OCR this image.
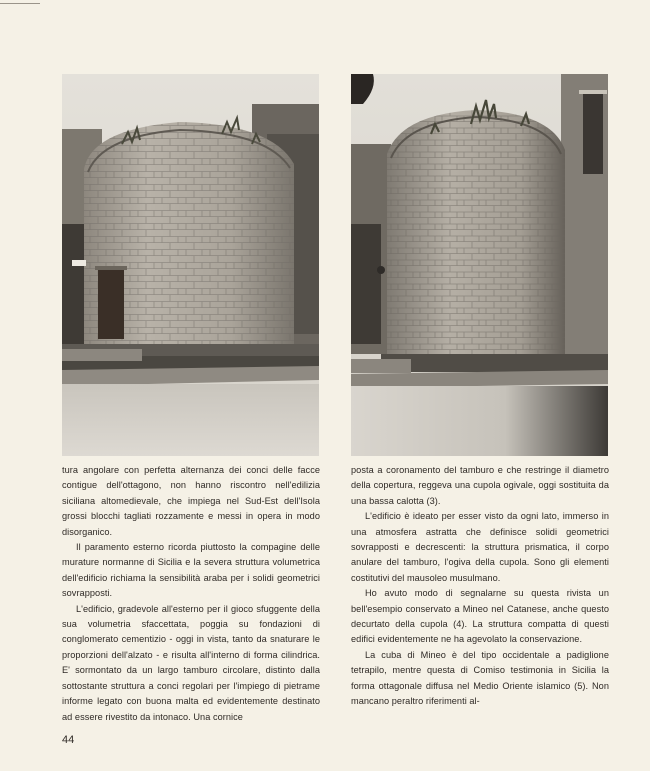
tura angolare con perfetta alternanza dei conci delle facce contigue dell'ottagono, non hanno riscontro nell'edilizia siciliana altomedievale, che impiega nel Sud-Est dell'Isola grossi blocchi tagliati rozzamente e messi in opera in modo disorganico.

Il paramento esterno ricorda piuttosto la compagine delle murature normanne di Sicilia e la severa struttura volumetrica dell'edificio richiama la sensibilità araba per i solidi geometrici sovrapposti.

L'edificio, gradevole all'esterno per il gioco sfuggente della sua volumetria sfaccettata, poggia su fondazioni di conglomerato cementizio - oggi in vista, tanto da snaturare le proporzioni dell'alzato - e risulta all'interno di forma cilindrica. E' sormontato da un largo tamburo circolare, distinto dalla sottostante struttura a conci regolari per l'impiego di pietrame informe legato con buona malta ed evidentemente destinato ad essere rivestito da intonaco. Una cornice

posta a coronamento del tamburo e che restringe il diametro della copertura, reggeva una cupola ogivale, oggi sostituita da una bassa calotta (3).

L'edificio è ideato per esser visto da ogni lato, immerso in una atmosfera astratta che definisce solidi geometrici sovrapposti e decrescenti: la struttura prismatica, il corpo anulare del tamburo, l'ogiva della cupola. Sono gli elementi costitutivi del mausoleo musulmano.

Ho avuto modo di segnalarne su questa rivista un bell'esempio conservato a Mineo nel Catanese, anche questo decurtato della cupola (4). La struttura compatta di questi edifici evidentemente ne ha agevolato la conservazione.

La cuba di Mineo è del tipo occidentale a padiglione tetrapilo, mentre questa di Comiso testimonia in Sicilia la forma ottagonale diffusa nel Medio Oriente islamico (5). Non mancano peraltro riferimenti al-

44
